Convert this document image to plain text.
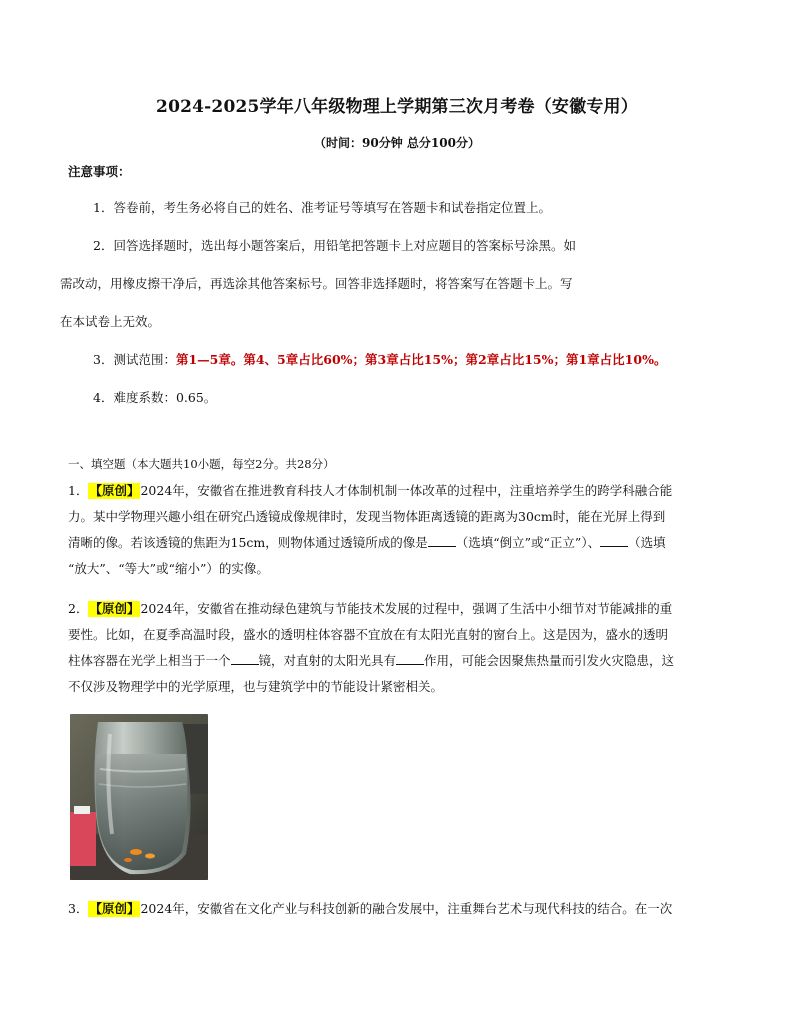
2024-2025学年八年级物理上学期第三次月考卷（安徽专用）
（时间：90分钟 总分100分）
注意事项：
1．答卷前，考生务必将自己的姓名、准考证号等填写在答题卡和试卷指定位置上。
2．回答选择题时，选出每小题答案后，用铅笔把答题卡上对应题目的答案标号涂黑。如
需改动，用橡皮擦干净后，再选涂其他答案标号。回答非选择题时，将答案写在答题卡上。写
在本试卷上无效。
3．测试范围：第1—5章。第4、5章占比60%；第3章占比15%；第2章占比15%；第1章占比10%。
4．难度系数：0.65。
一、填空题（本大题共10小题，每空2分。共28分）
1．【原创】2024年，安徽省在推进教育科技人才体制机制一体改革的过程中，注重培养学生的跨学科融合能
力。某中学物理兴趣小组在研究凸透镜成像规律时，发现当物体距离透镜的距离为30cm时，能在光屏上得到
清晰的像。若该透镜的焦距为15cm，则物体通过透镜所成的像是 （选填“倒立”或“正立”）、 （选填
“放大”、“等大”或“缩小”）的实像。
2．【原创】2024年，安徽省在推动绿色建筑与节能技术发展的过程中，强调了生活中小细节对节能减排的重
要性。比如，在夏季高温时段，盛水的透明柱体容器不宜放在有太阳光直射的窗台上。这是因为，盛水的透明
柱体容器在光学上相当于一个 镜，对直射的太阳光具有 作用，可能会因聚焦热量而引发火灾隐患，这
不仅涉及物理学中的光学原理，也与建筑学中的节能设计紧密相关。
3．【原创】2024年，安徽省在文化产业与科技创新的融合发展中，注重舞台艺术与现代科技的结合。在一次
